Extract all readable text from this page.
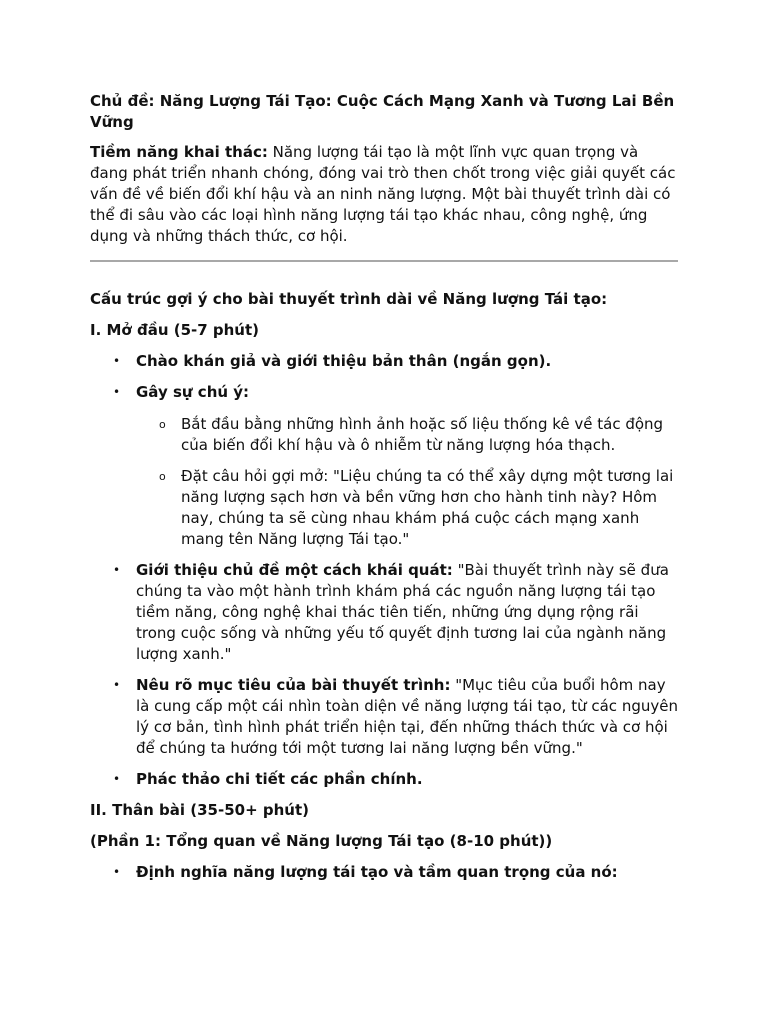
Chủ đề: Năng Lượng Tái Tạo: Cuộc Cách Mạng Xanh và Tương Lai Bền Vững

Tiềm năng khai thác: Năng lượng tái tạo là một lĩnh vực quan trọng và đang phát triển nhanh chóng, đóng vai trò then chốt trong việc giải quyết các vấn đề về biến đổi khí hậu và an ninh năng lượng. Một bài thuyết trình dài có thể đi sâu vào các loại hình năng lượng tái tạo khác nhau, công nghệ, ứng dụng và những thách thức, cơ hội.

Cấu trúc gợi ý cho bài thuyết trình dài về Năng lượng Tái tạo:

I. Mở đầu (5-7 phút)

• Chào khán giả và giới thiệu bản thân (ngắn gọn).
• Gây sự chú ý:
o Bắt đầu bằng những hình ảnh hoặc số liệu thống kê về tác động của biến đổi khí hậu và ô nhiễm từ năng lượng hóa thạch.
o Đặt câu hỏi gợi mở: "Liệu chúng ta có thể xây dựng một tương lai năng lượng sạch hơn và bền vững hơn cho hành tinh này? Hôm nay, chúng ta sẽ cùng nhau khám phá cuộc cách mạng xanh mang tên Năng lượng Tái tạo."
• Giới thiệu chủ đề một cách khái quát: "Bài thuyết trình này sẽ đưa chúng ta vào một hành trình khám phá các nguồn năng lượng tái tạo tiềm năng, công nghệ khai thác tiên tiến, những ứng dụng rộng rãi trong cuộc sống và những yếu tố quyết định tương lai của ngành năng lượng xanh."
• Nêu rõ mục tiêu của bài thuyết trình: "Mục tiêu của buổi hôm nay là cung cấp một cái nhìn toàn diện về năng lượng tái tạo, từ các nguyên lý cơ bản, tình hình phát triển hiện tại, đến những thách thức và cơ hội để chúng ta hướng tới một tương lai năng lượng bền vững."
• Phác thảo chi tiết các phần chính.

II. Thân bài (35-50+ phút)

(Phần 1: Tổng quan về Năng lượng Tái tạo (8-10 phút))

• Định nghĩa năng lượng tái tạo và tầm quan trọng của nó:
